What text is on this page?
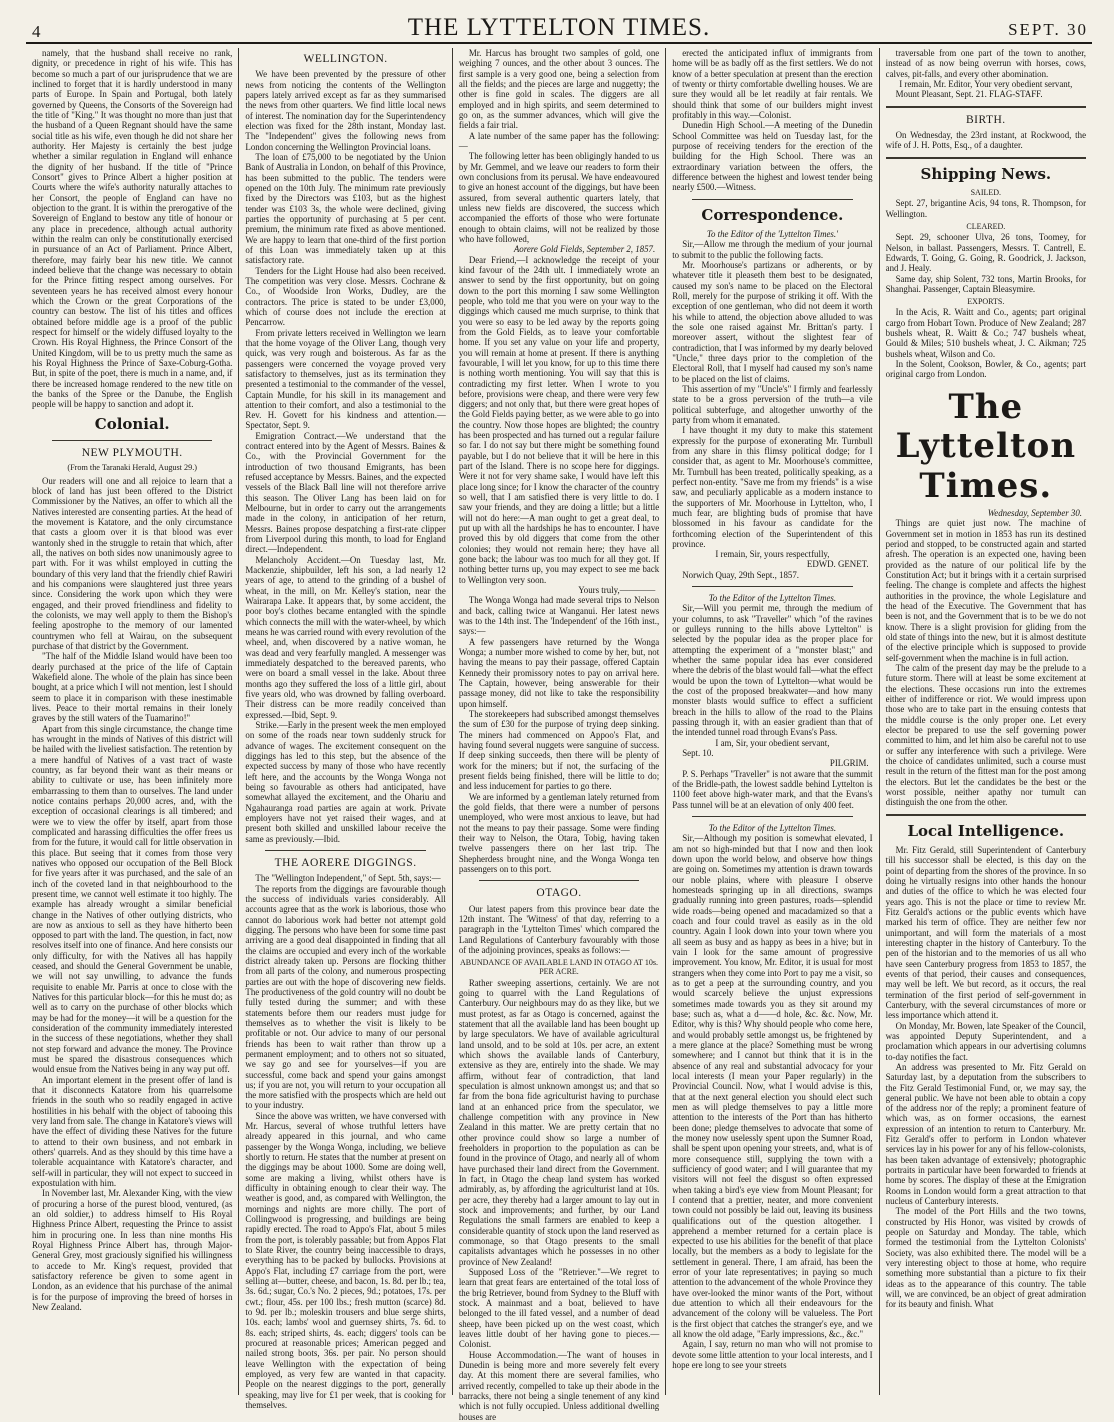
4	THE LYTTELTON TIMES.	SEPT. 30

namely, that the husband shall receive no rank, dignity, or precedence in right of his wife. This has become so much a part of our jurisprudence that we are inclined to forget that it is hardly understood in many parts of Europe. In Spain and Portugal, both lately governed by Queens, the Consorts of the Sovereign had the title of "King." It was thought no more than just that the husband of a Queen Regnant should have the same social title as his wife, even though he did not share her authority. Her Majesty is certainly the best judge whether a similar regulation in England will enhance the dignity of her husband. If the title of "Prince Consort" gives to Prince Albert a higher position at Courts where the wife's authority naturally attaches to her Consort, the people of England can have no objection to the grant. It is within the prerogative of the Sovereign of England to bestow any title of honour or any place in precedence, although actual authority within the realm can only be constitutionally exercised in pursuance of an Act of Parliament. Prince Albert, therefore, may fairly bear his new title. We cannot indeed believe that the change was necessary to obtain for the Prince fitting respect among ourselves. For seventeen years he has received almost every honour which the Crown or the great Corporations of the country can bestow. The list of his titles and offices obtained before middle age is a proof of the public respect for himself or the widely diffused loyalty to the Crown. His Royal Highness, the Prince Consort of the United Kingdom, will be to us pretty much the same as his Royal Highness the Prince of Saxe-Coburg-Gotha. But, in spite of the poet, there is much in a name, and, if there be increased homage rendered to the new title on the banks of the Spree or the Danube, the English people will be happy to sanction and adopt it.

Colonial.
NEW PLYMOUTH.
(From the Taranaki Herald, August 29.)

Our readers will one and all rejoice to learn that a block of land has just been offered to the District Commissioner by the Natives, an offer to which all the Natives interested are consenting parties. At the head of the movement is Katatore, and the only circumstance that casts a gloom over it is that blood was ever wantonly shed in the struggle to retain that which, after all, the natives on both sides now unanimously agree to part with. For it was whilst employed in cutting the boundary of this very land that the friendly chief Rawiri and his companions were slaughtered just three years since. Considering the work upon which they were engaged, and their proved friendliness and fidelity to the colonists, we may well apply to them the Bishop's feeling apostrophe to the memory of our lamented countrymen who fell at Wairau, on the subsequent purchase of that district by the Government.

"The half of the Middle Island would have been too dearly purchased at the price of the life of Captain Wakefield alone. The whole of the plain has since been bought, at a price which I will not mention, lest I should seem to place it in comparison with these inestimable lives. Peace to their mortal remains in their lonely graves by the still waters of the Tuamarino!"

Apart from this single circumstance, the change time has wrought in the minds of Natives of this district will be hailed with the liveliest satisfaction. The retention by a mere handful of Natives of a vast tract of waste country, as far beyond their want as their means or ability to cultivate or use, has been infinitely more embarrassing to them than to ourselves. The land under notice contains perhaps 20,000 acres, and, with the exception of occasional clearings is all timbered; and were we to view the offer by itself, apart from those complicated and harassing difficulties the offer frees us from for the future, it would call for little observation in this place. But seeing that it comes from those very natives who opposed our occupation of the Bell Block for five years after it was purchased, and the sale of an inch of the coveted land in that neighbourhood to the present time, we cannot well estimate it too highly. The example has already wrought a similar beneficial change in the Natives of other outlying districts, who are now as anxious to sell as they have hitherto been opposed to part with the land. The question, in fact, now resolves itself into one of finance. And here consists our only difficulty, for with the Natives all has happily ceased, and should the General Government be unable, we will not say unwilling, to advance the funds requisite to enable Mr. Parris at once to close with the Natives for this particular block—for this he must do; as well as to carry on the purchase of other blocks which may be had for the money—it will be a question for the consideration of the community immediately interested in the success of these negotiations, whether they shall not step forward and advance the money. The Province must be spared the disastrous consequences which would ensue from the Natives being in any way put off.

An important element in the present offer of land is that it disconnects Katatore from his quarrelsome friends in the south who so readily engaged in active hostilities in his behalf with the object of tabooing this very land from sale. The change in Katatore's views will have the effect of dividing these Natives for the future to attend to their own business, and not embark in others' quarrels. And as they should by this time have a tolerable acquaintance with Katatore's character, and self-will in particular, they will not expect to succeed in expostulation with him.

In November last, Mr. Alexander King, with the view of procuring a horse of the purest blood, ventured, (as an old soldier,) to address himself to His Royal Highness Prince Albert, requesting the Prince to assist him in procuring one. In less than nine months His Royal Highness Prince Albert has, through Major-General Grey, most graciously signified his willingness to accede to Mr. King's request, provided that satisfactory reference be given to some agent in London, as an evidence that his purchase of the animal is for the purpose of improving the breed of horses in New Zealand.

WELLINGTON.

We have been prevented by the pressure of other news from noticing the contents of the Wellington papers lately arrived except as far as they summarised the news from other quarters. We find little local news of interest. The nomination day for the Superintendency election was fixed for the 28th instant, Monday last. The "Independent" gives the following news from London concerning the Wellington Provincial loans.

The loan of £75,000 to be negotiated by the Union Bank of Australia in London, on behalf of this Province, has been submitted to the public. The tenders were opened on the 10th July. The minimum rate previously fixed by the Directors was £103, but as the highest tender was £103 3s, the whole were declined, giving parties the opportunity of purchasing at 5 per cent. premium, the minimum rate fixed as above mentioned. We are happy to learn that one-third of the first portion of this Loan was immediately taken up at this satisfactory rate.

Tenders for the Light House had also been received. The competition was very close. Messrs. Cochrane & Co., of Woodside Iron Works, Dudley, are the contractors. The price is stated to be under £3,000, which of course does not include the erection at Pencarrow.

From private letters received in Wellington we learn that the home voyage of the Oliver Lang, though very quick, was very rough and boisterous. As far as the passengers were concerned the voyage proved very satisfactory to themselves, just as its termination they presented a testimonial to the commander of the vessel, Captain Mundle, for his skill in its management and attention to their comfort, and also a testimonial to the Rev. H. Govett for his kindness and attention.—Spectator, Sept. 9.

Emigration Contract.—We understand that the contract entered into by the Agent of Messrs. Baines & Co., with the Provincial Government for the introduction of two thousand Emigrants, has been refused acceptance by Messrs. Baines, and the expected vessels of the Black Ball line will not therefore arrive this season. The Oliver Lang has been laid on for Melbourne, but in order to carry out the arrangements made in the colony, in anticipation of her return, Messrs. Baines propose despatching a first-rate clipper from Liverpool during this month, to load for England direct.—Independent.

Melancholy Accident.—On Tuesday last, Mr. Mackenzie, shipbuilder, left his son, a lad nearly 12 years of age, to attend to the grinding of a bushel of wheat, in the mill, on Mr. Kelley's station, near the Wairarapa Lake. It appears that, by some accident, the poor boy's clothes became entangled with the spindle which connects the mill with the water-wheel, by which means he was carried round with every revolution of the wheel, and, when discovered by a native woman, he was dead and very fearfully mangled. A messenger was immediately despatched to the bereaved parents, who were on board a small vessel in the lake. About three months ago they suffered the loss of a little girl, about five years old, who was drowned by falling overboard. Their distress can be more readily conceived than expressed.—Ibid, Sept. 9.

Strike.—Early in the present week the men employed on some of the roads near town suddenly struck for advance of wages. The excitement consequent on the diggings has led to this step, but the absence of the expected success by many of those who have recently left here, and the accounts by the Wonga Wonga not being so favourable as others had anticipated, have somewhat allayed the excitement, and the Ohariu and Ngahauranga road parties are again at work. Private employers have not yet raised their wages, and at present both skilled and unskilled labour receive the same as previously.—Ibid.

THE AORERE DIGGINGS.

The "Wellington Independent," of Sept. 5th, says:—

The reports from the diggings are favourable though the success of individuals varies considerably. All accounts agree that as the work is laborious, those who cannot do laborious work had better not attempt gold digging. The persons who have been for some time past arriving are a good deal disappointed in finding that all the claims are occupied and every inch of the workable district already taken up. Persons are flocking thither from all parts of the colony, and numerous prospecting parties are out with the hope of discovering new fields. The productiveness of the gold country will no doubt be fully tested during the summer; and with these statements before them our readers must judge for themselves as to whether the visit is likely to be profitable or not. Our advice to many of our personal friends has been to wait rather than throw up a permanent employment; and to others not so situated, we say go and see for yourselves—if you are successful, come back and spend your gains amongst us; if you are not, you will return to your occupation all the more satisfied with the prospects which are held out to your industry.

Since the above was written, we have conversed with Mr. Harcus, several of whose truthful letters have already appeared in this journal, and who came passenger by the Wonga Wonga, including, we believe shortly to return. He states that the number at present on the diggings may be about 1000. Some are doing well, some are making a living, whilst others have is difficulty in obtaining enough to clear their way. The weather is good, and, as compared with Wellington, the mornings and nights are more chilly. The port of Collingwood is progressing, and buildings are being rapidly erected. The road to Appo's Flat, about 5 miles from the port, is tolerably passable; but from Appos Flat to Slate River, the country being inaccessible to drays, everything has to be packed by bullocks. Provisions at Appo's Flat, including £7 carriage from the port, were selling at—butter, cheese, and bacon, 1s. 8d. per lb.; tea, 3s. 6d.; sugar, Co.'s No. 2 pieces, 9d.; potatoes, 17s. per cwt.; flour, 45s. per 100 lbs.; fresh mutton (scarce) 8d. to 9d. per lb.; moleskin trousers and blue serge shirts, 10s. each; lambs' wool and guernsey shirts, 7s. 6d. to 8s. each; striped shirts, 4s. each; diggers' tools can be procured at reasonable prices; American pegged and nailed strong boots, 36s. per pair. No person should leave Wellington with the expectation of being employed, as very few are wanted in that capacity. People on the nearest diggings to the port, generally speaking, may live for £1 per week, that is cooking for themselves.

Mr. Harcus has brought two samples of gold, one weighing 7 ounces, and the other about 3 ounces. The first sample is a very good one, being a selection from all the fields; and the pieces are large and nuggetty; the other is fine gold in scales. The diggers are all employed and in high spirits, and seem determined to go on, as the summer advances, which will give the fields a fair trial.

A late number of the same paper has the following:—

The following letter has been obligingly handed to us by Mr. Gemmel, and we leave our readers to form their own conclusions from its perusal. We have endeavoured to give an honest account of the diggings, but have been assured, from several authentic quarters lately, that unless new fields are discovered, the success which accompanied the efforts of those who were fortunate enough to obtain claims, will not be realized by those who have followed,

Aorere Gold Fields, September 2, 1857.

Dear Friend,—I acknowledge the receipt of your kind favour of the 24th ult. I immediately wrote an answer to send by the first opportunity, but on going down to the port this morning I saw some Wellington people, who told me that you were on your way to the diggings which caused me much surprise, to think that you were so easy to be led away by the reports going from the Gold Fields, as to leave your comfortable home. If you set any value on your life and property, you will remain at home at present. If there is anything favourable, I will let you know, for up to this time there is nothing worth mentioning. You will say that this is contradicting my first letter. When I wrote to you before, provisions were cheap, and there were very few diggers; and not only that, but there were great hopes of the Gold Fields paying better, as we were able to go into the country. Now those hopes are blighted; the country has been prospected and has turned out a regular failure so far. I do not say but there might be something found payable, but I do not believe that it will be here in this part of the Island. There is no scope here for diggings. Were it not for very shame sake, I would have left this place long since; for I know the character of the country so well, that I am satisfied there is very little to do. I saw your friends, and they are doing a little; but a little will not do here:—A man ought to get a great deal, to put up with all the hardships he has to encounter. I have proved this by old diggers that come from the other colonies; they would not remain here; they have all gone back; the labour was too much for all they got. If nothing better turns up, you may expect to see me back to Wellington very soon.

Yours truly,————

The Wonga Wonga had made several trips to Nelson and back, calling twice at Wanganui. Her latest news was to the 14th inst. The 'Independent' of the 16th inst., says:—

A few passengers have returned by the Wonga Wonga; a number more wished to come by her, but, not having the means to pay their passage, offered Captain Kennedy their promissory notes to pay on arrival here. The Captain, however, being answerable for their passage money, did not like to take the responsibility upon himself.

The storekeepers had subscribed amongst themselves the sum of £30 for the purpose of trying deep sinking. The miners had commenced on Appoo's Flat, and having found several nuggets were sanguine of success. If deep sinking succeeds, then there will be plenty of work for the miners; but if not, the surfacing of the present fields being finished, there will be little to do; and less inducement for parties to go there.

We are informed by a gentleman lately returned from the gold fields, that there were a number of persons unemployed, who were most anxious to leave, but had not the means to pay their passage. Some were finding their way to Nelson, the Otara, Tobig, having taken twelve passengers there on her last trip. The Shepherdess brought nine, and the Wonga Wonga ten passengers on to this port.

OTAGO.

Our latest papers from this province bear date the 12th instant. The 'Witness' of that day, referring to a paragraph in the 'Lyttelton Times' which compared the Land Regulations of Canterbury favourably with those of the adjoining provinces, speaks as follows:—

ABUNDANCE OF AVAILABLE LAND IN OTAGO AT 10s. PER ACRE.

Rather sweeping assertions, certainly. We are not going to quarrel with the Land Regulations of Canterbury. Our neighbours may do as they like, but we must protest, as far as Otago is concerned, against the statement that all the available land has been bought up by large speculators. We have of available agricultural land unsold, and to be sold at 10s. per acre, an extent which shows the available lands of Canterbury, extensive as they are, entirely into the shade. We may affirm, without fear of contradiction, that land speculation is almost unknown amongst us; and that so far from the bona fide agriculturist having to purchase land at an enhanced price from the speculator, we challenge competition with any province in New Zealand in this matter. We are pretty certain that no other province could show so large a number of freeholders in proportion to the population as can be found in the province of Otago, and nearly all of whom have purchased their land direct from the Government. In fact, in Otago the cheap land system has worked admirably, as, by affording the agriculturist land at 10s. per acre, they thereby had a larger amount to lay out in stock and improvements; and further, by our Land Regulations the small farmers are enabled to keep a considerable quantity of stock upon the land reserved as commonage, so that Otago presents to the small capitalists advantages which he possesses in no other province of New Zealand!

Supposed Loss of the "Retriever."—We regret to learn that great fears are entertained of the total loss of the brig Retriever, bound from Sydney to the Bluff with stock. A mainmast and a boat, believed to have belonged to the ill fated vessel, and a number of dead sheep, have been picked up on the west coast, which leaves little doubt of her having gone to pieces.—Colonist.

House Accommodation.—The want of houses in Dunedin is being more and more severely felt every day. At this moment there are several families, who arrived recently, compelled to take up their abode in the barracks, there not being a single tenement of any kind which is not fully occupied. Unless additional dwelling houses are

erected the anticipated influx of immigrants from home will be as badly off as the first settlers. We do not know of a better speculation at present than the erection of twenty or thirty comfortable dwelling houses. We are sure they would all be let readily at fair rentals. We should think that some of our builders might invest profitably in this way.—Colonist.

Dunedin High School.—A meeting of the Dunedin School Committee was held on Tuesday last, for the purpose of receiving tenders for the erection of the building for the High School. There was an extraordinary variation between the offers, the difference between the highest and lowest tender being nearly £500.—Witness.

Correspondence.

To the Editor of the 'Lyttelton Times.'

Sir,—Allow me through the medium of your journal to submit to the public the following facts.

Mr. Moorhouse's partizans or adherents, or by whatever title it pleaseth them best to be designated, caused my son's name to be placed on the Electoral Roll, merely for the purpose of striking it off. With the exception of one gentleman, who did not deem it worth his while to attend, the objection above alluded to was the sole one raised against Mr. Brittan's party. I moreover assert, without the slightest fear of contradiction, that I was informed by my dearly beloved "Uncle," three days prior to the completion of the Electoral Roll, that I myself had caused my son's name to be placed on the list of claims.

This assertion of my "Uncle's" I firmly and fearlessly state to be a gross perversion of the truth—a vile political subterfuge, and altogether unworthy of the party from whom it emanated.

I have thought it my duty to make this statement expressly for the purpose of exonerating Mr. Turnbull from any share in this flimsy political dodge; for I consider that, as agent to Mr. Moorhouse's committee, Mr. Turnbull has been treated, politically speaking, as a perfect non-entity. "Save me from my friends" is a wise saw, and peculiarly applicable as a modern instance to the supporters of Mr. Moorhouse in Lyttelton, who, I much fear, are blighting buds of promise that have blossomed in his favour as candidate for the forthcoming election of the Superintendent of this province.

I remain, Sir, yours respectfully,

EDWD. GENET.

Norwich Quay, 29th Sept., 1857.

To the Editor of the Lyttelton Times.

Sir,—Will you permit me, through the medium of your columns, to ask "Traveller" which "of the ravines or gulleys running to the hills above Lyttelton" is selected by the popular idea as the proper place for attempting the experiment of a "monster blast;" and whether the same popular idea has ever considered where the debris of the blast would fall—what the effect would be upon the town of Lyttelton—what would be the cost of the proposed breakwater—and how many monster blasts would suffice to effect a sufficient breach in the hills to allow of the road to the Plains passing through it, with an easier gradient than that of the intended tunnel road through Evans's Pass.

I am, Sir, your obedient servant,

Sept. 10.

PILGRIM.

P. S. Perhaps "Traveller" is not aware that the summit of the Bridle-path, the lowest saddle behind Lyttelton is 1100 feet above high-water mark, and that the Evans's Pass tunnel will be at an elevation of only 400 feet.

To the Editor of the Lyttelton Times.

Sir,—Although my position is somewhat elevated, I am not so high-minded but that I now and then look down upon the world below, and observe how things are going on. Sometimes my attention is drawn towards our noble plains, where with pleasure I observe homesteads springing up in all directions, swamps gradually running into green pastures, roads—splendid wide roads—being opened and macadamized so that a coach and four could travel as easily as in the old country. Again I look down into your town where you all seem as busy and as happy as bees in a hive; but in vain I look for the same amount of progressive improvement. You know, Mr. Editor, it is usual for most strangers when they come into Port to pay me a visit, so as to get a peep at the surrounding country, and you would scarcely believe the unjust expressions sometimes made towards you as they sit around my base; such as, what a d——d hole, &c. &c. Now, Mr. Editor, why is this? Why should people who come here, and would probably settle amongst us, be frightened by a mere glance at the place? Something must be wrong somewhere; and I cannot but think that it is in the absence of any real and substantial advocacy for your local interests (I mean your Paper regularly) in the Provincial Council. Now, what I would advise is this, that at the next general election you should elect such men as will pledge themselves to pay a little more attention to the interests of the Port than has hitherto been done; pledge themselves to advocate that some of the money now uselessly spent upon the Sumner Road, shall be spent upon opening your streets, and, what is of more consequence still, supplying the town with a sufficiency of good water; and I will guarantee that my visitors will not feel the disgust so often expressed when taking a bird's eye view from Mount Pleasant; for I contend that a prettier, neater, and more convenient town could not possibly be laid out, leaving its business qualifications out of the question altogether. I apprehend a member returned for a certain place is expected to use his abilities for the benefit of that place locally, but the members as a body to legislate for the settlement in general. There, I am afraid, has been the error of your late representatives; in paying so much attention to the advancement of the whole Province they have over-looked the minor wants of the Port, without due attention to which all their endeavours for the advancement of the colony will be valueless. The Port is the first object that catches the stranger's eye, and we all know the old adage, "Early impressions, &c., &c."

Again, I say, return no man who will not promise to devote some little attention to your local interests, and I hope ere long to see your streets

traversable from one part of the town to another, instead of as now being overrun with horses, cows, calves, pit-falls, and every other abomination.

I remain, Mr. Editor, Your very obedient servant,

Mount Pleasant, Sept. 21. FLAG-STAFF.

BIRTH.

On Wednesday, the 23rd instant, at Rockwood, the wife of J. H. Potts, Esq., of a daughter.

Shipping News.
SAILED.

Sept. 27, brigantine Acis, 94 tons, R. Thompson, for Wellington.

CLEARED.

Sept. 29, schooner Ulva, 26 tons, Toomey, for Nelson, in ballast. Passengers, Messrs. T. Cantrell, E. Edwards, T. Going, G. Going, R. Goodrick, J. Jackson, and J. Healy.

Same day, ship Solent, 732 tons, Martin Brooks, for Shanghai. Passenger, Captain Bleasymire.

EXPORTS.

In the Acis, R. Waitt and Co., agents; part original cargo from Hobart Town. Produce of New Zealand; 287 bushels wheat, R. Waitt & Co.; 747 bushels wheat, Gould & Miles; 510 bushels wheat, J. C. Aikman; 725 bushels wheat, Wilson and Co.

In the Solent, Cookson, Bowler, & Co., agents; part original cargo from London.

The Lyttelton Times.

Wednesday, September 30.

Things are quiet just now. The machine of Government set in motion in 1853 has run its destined period and stopped, to be constructed again and started afresh. The operation is an expected one, having been provided as the nature of our political life by the Constitution Act; but it brings with it a certain surprised feeling. The change is complete and affects the highest authorities in the province, the whole Legislature and the head of the Executive. The Government that has been is not, and the Government that is to be we do not know. There is a slight provision for gliding from the old state of things into the new, but it is almost destitute of the elective principle which is supposed to provide self-government when the machine is in full action.

The calm of the present day may be the prelude to a future storm. There will at least be some excitement at the elections. These occasions run into the extremes either of indifference or riot. We would impress upon those who are to take part in the ensuing contests that the middle course is the only proper one. Let every elector be prepared to use the self governing power committed to him, and let him also be careful not to use or suffer any interference with such a privilege. Were the choice of candidates unlimited, such a course must result in the return of the fittest man for the post among the electors. But let the candidates be the best or the worst possible, neither apathy nor tumult can distinguish the one from the other.

Local Intelligence.

Mr. Fitz Gerald, still Superintendent of Canterbury till his successor shall be elected, is this day on the point of departing from the shores of the province. In so doing he virtually resigns into other hands the honour and duties of the office to which he was elected four years ago. This is not the place or time to review Mr. Fitz Gerald's actions or the public events which have marked his term of office. They are neither few nor unimportant, and will form the materials of a most interesting chapter in the history of Canterbury. To the pen of the historian and to the memories of us all who have seen Canterbury progress from 1853 to 1857, the events of that period, their causes and consequences, may well be left. We but record, as it occurs, the real termination of the first period of self-government in Canterbury, with the several circumstances of more or less importance which attend it.

On Monday, Mr. Bowen, late Speaker of the Council, was appointed Deputy Superintendent, and a proclamation which appears in our advertising columns to-day notifies the fact.

An address was presented to Mr. Fitz Gerald on Saturday last, by a deputation from the subscribers to the Fitz Gerald Testimonial Fund, or, we may say, the general public. We have not been able to obtain a copy of the address nor of the reply; a prominent feature of which was, as on former occasions, the earnest expression of an intention to return to Canterbury. Mr. Fitz Gerald's offer to perform in London whatever services lay in his power for any of his fellow-colonists, has been taken advantage of extensively; photographic portraits in particular have been forwarded to friends at home by scores. The display of these at the Emigration Rooms in London would form a great attraction to that nucleus of Canterbury interests.

The model of the Port Hills and the two towns, constructed by His Honor, was visited by crowds of people on Saturday and Monday. The table, which formed the testimonial from the Lyttelton Colonists' Society, was also exhibited there. The model will be a very interesting object to those at home, who require something more substantial than a picture to fix their ideas as to the appearance of this country. The table will, we are convinced, be an object of great admiration for its beauty and finish. What
